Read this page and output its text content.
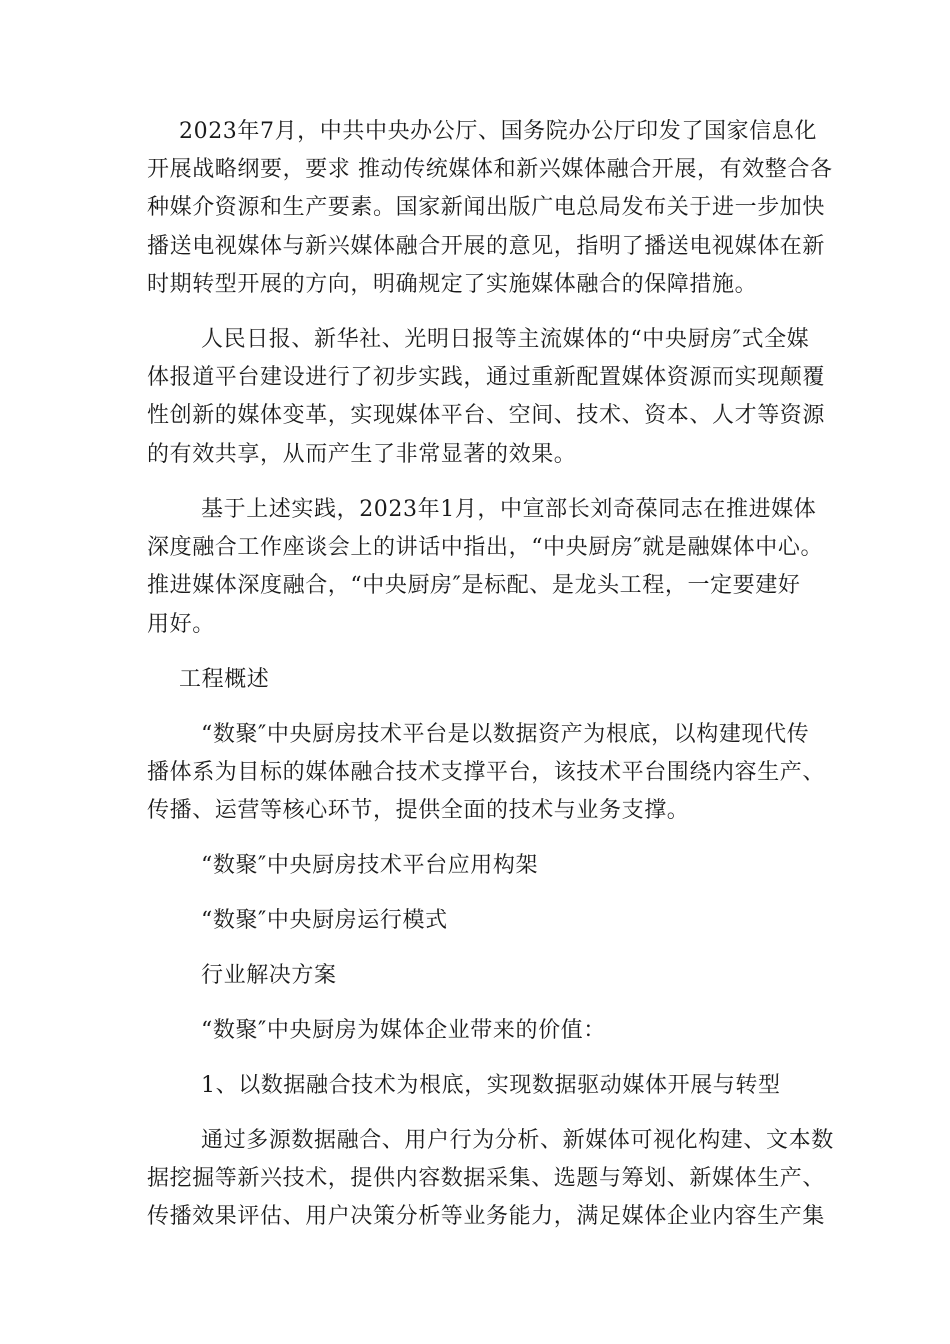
2023年7月，中共中央办公厅、国务院办公厅印发了国家信息化
开展战略纲要，要求 推动传统媒体和新兴媒体融合开展，有效整合各
种媒介资源和生产要素。国家新闻出版广电总局发布关于进一步加快
播送电视媒体与新兴媒体融合开展的意见，指明了播送电视媒体在新
时期转型开展的方向，明确规定了实施媒体融合的保障措施。
人民日报、新华社、光明日报等主流媒体的“中央厨房″式全媒
体报道平台建设进行了初步实践，通过重新配置媒体资源而实现颠覆
性创新的媒体变革，实现媒体平台、空间、技术、资本、人才等资源
的有效共享，从而产生了非常显著的效果。
基于上述实践，2023年1月，中宣部长刘奇葆同志在推进媒体
深度融合工作座谈会上的讲话中指出，“中央厨房″就是融媒体中心。
推进媒体深度融合，“中央厨房″是标配、是龙头工程，一定要建好
用好。
工程概述
“数聚″中央厨房技术平台是以数据资产为根底，以构建现代传
播体系为目标的媒体融合技术支撑平台，该技术平台围绕内容生产、
传播、运营等核心环节，提供全面的技术与业务支撑。
“数聚″中央厨房技术平台应用构架
“数聚″中央厨房运行模式
行业解决方案
“数聚″中央厨房为媒体企业带来的价值：
1、以数据融合技术为根底，实现数据驱动媒体开展与转型
通过多源数据融合、用户行为分析、新媒体可视化构建、文本数
据挖掘等新兴技术，提供内容数据采集、选题与筹划、新媒体生产、
传播效果评估、用户决策分析等业务能力，满足媒体企业内容生产集
